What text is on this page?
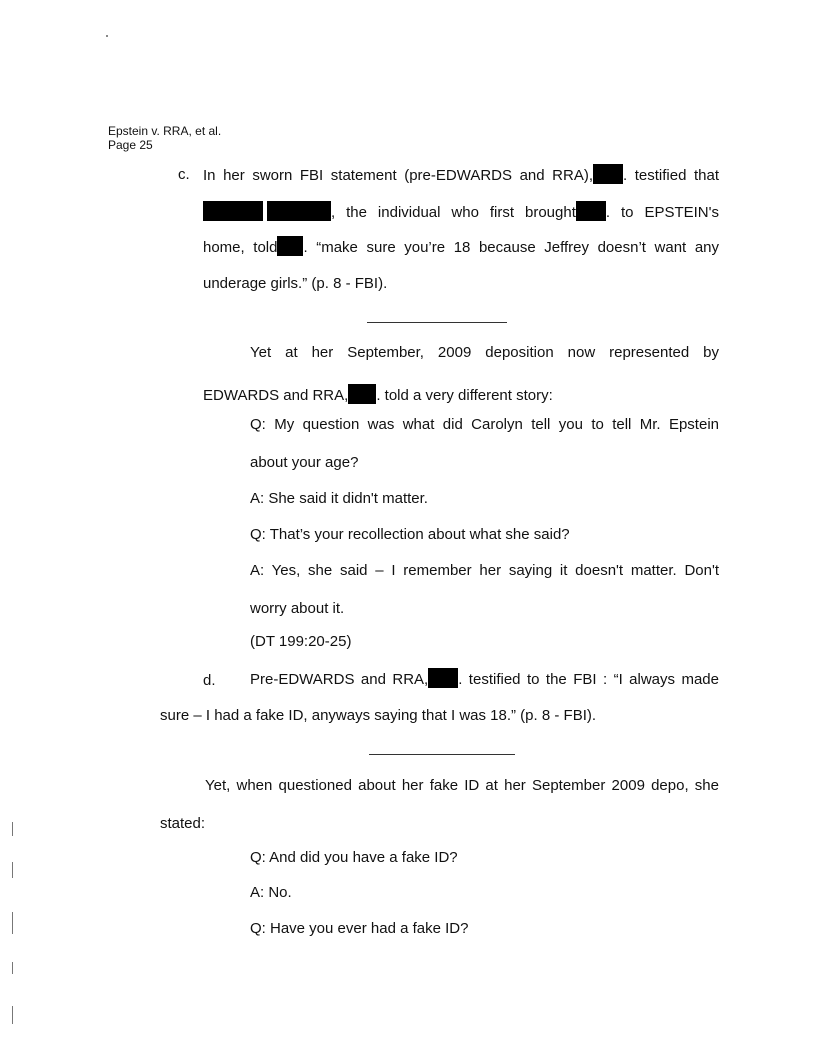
Epstein v. RRA, et al.
Page 25
c. In her sworn FBI statement (pre-EDWARDS and RRA), . testified that
, the individual who first brought . to EPSTEIN's
home, told . “make sure you’re 18 because Jeffrey doesn’t want any
underage girls.” (p. 8 - FBI).
Yet at her September, 2009 deposition now represented by
EDWARDS and RRA, . told a very different story:
Q: My question was what did Carolyn tell you to tell Mr. Epstein
about your age?
A: She said it didn't matter.
Q: That’s your recollection about what she said?
A: Yes, she said – I remember her saying it doesn't matter. Don't
worry about it.
(DT 199:20-25)
d. Pre-EDWARDS and RRA, . testified to the FBI : “I always made
sure – I had a fake ID, anyways saying that I was 18.” (p. 8 - FBI).
Yet, when questioned about her fake ID at her September 2009 depo, she
stated:
Q: And did you have a fake ID?
A: No.
Q: Have you ever had a fake ID?
